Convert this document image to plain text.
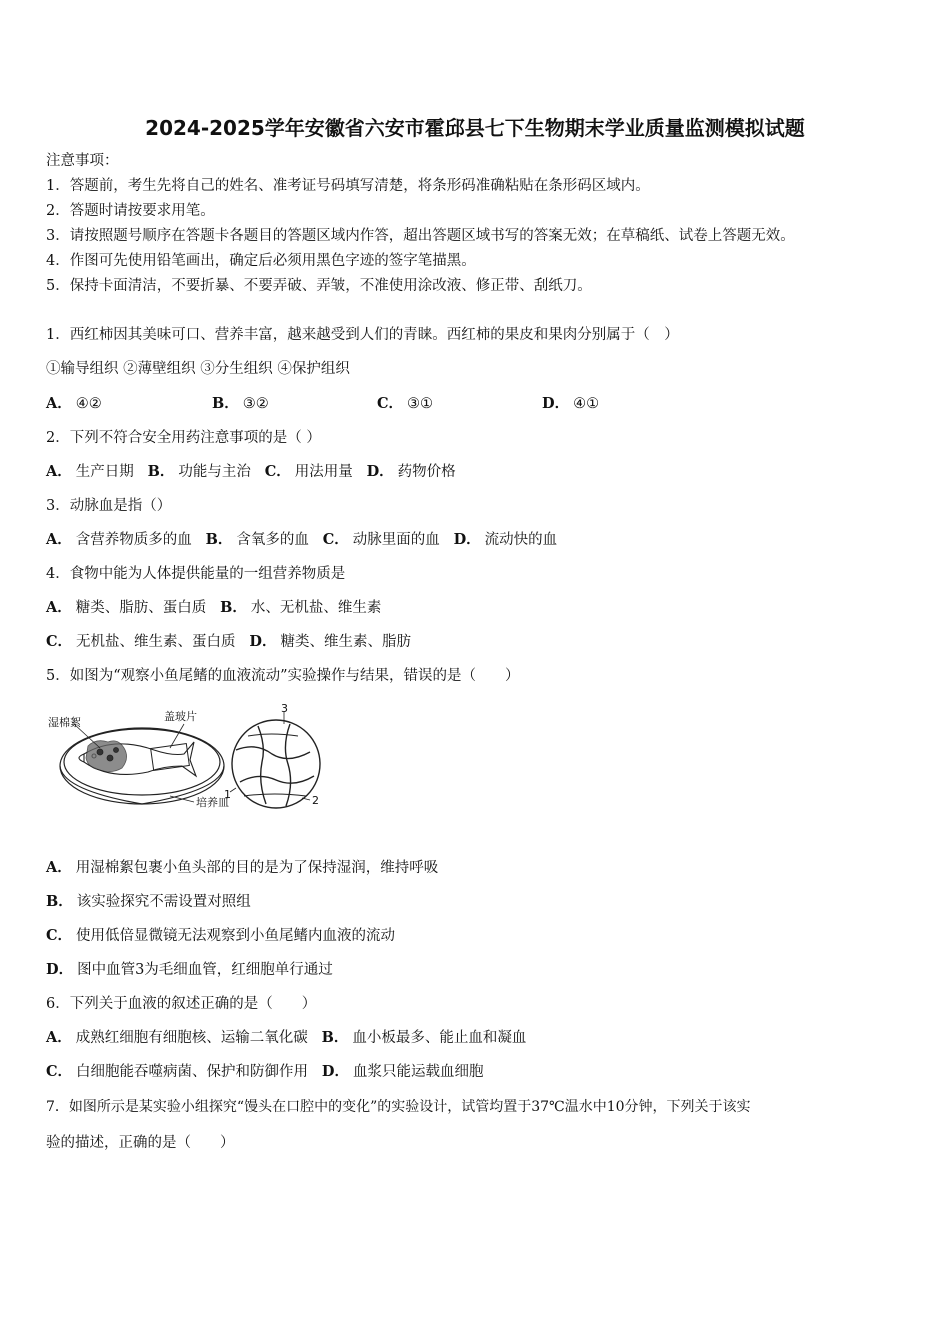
2024-2025学年安徽省六安市霍邱县七下生物期末学业质量监测模拟试题
注意事项：
1．答题前，考生先将自己的姓名、准考证号码填写清楚，将条形码准确粘贴在条形码区域内。
2．答题时请按要求用笔。
3．请按照题号顺序在答题卡各题目的答题区域内作答，超出答题区域书写的答案无效；在草稿纸、试卷上答题无效。
4．作图可先使用铅笔画出，确定后必须用黑色字迹的签字笔描黑。
5．保持卡面清洁，不要折暴、不要弄破、弄皱，不准使用涂改液、修正带、刮纸刀。
1．西红柿因其美味可口、营养丰富，越来越受到人们的青睐。西红柿的果皮和果肉分别属于（　）
①输导组织 ②薄壁组织 ③分生组织 ④保护组织
A． ④②	B． ③②	C． ③①	D． ④①
2．下列不符合安全用药注意事项的是（ ）
A． 生产日期 B． 功能与主治 C． 用法用量 D． 药物价格
3．动脉血是指（）
A． 含营养物质多的血 B． 含氧多的血 C． 动脉里面的血 D． 流动快的血
4．食物中能为人体提供能量的一组营养物质是
A． 糖类、脂肪、蛋白质 B． 水、无机盐、维生素
C． 无机盐、维生素、蛋白质 D． 糖类、维生素、脂肪
5．如图为“观察小鱼尾鳍的血液流动”实验操作与结果，错误的是（　　）
湿棉絮	盖玻片
培养皿
3
2
1
A． 用湿棉絮包裹小鱼头部的目的是为了保持湿润，维持呼吸
B． 该实验探究不需设置对照组
C． 使用低倍显微镜无法观察到小鱼尾鳍内血液的流动
D． 图中血管3为毛细血管，红细胞单行通过
6．下列关于血液的叙述正确的是（　　）
A． 成熟红细胞有细胞核、运输二氧化碳 B． 血小板最多、能止血和凝血
C． 白细胞能吞噬病菌、保护和防御作用 D． 血浆只能运载血细胞
7．如图所示是某实验小组探究“馒头在口腔中的变化”的实验设计，试管均置于37℃温水中10分钟，下列关于该实
验的描述，正确的是（　　）
